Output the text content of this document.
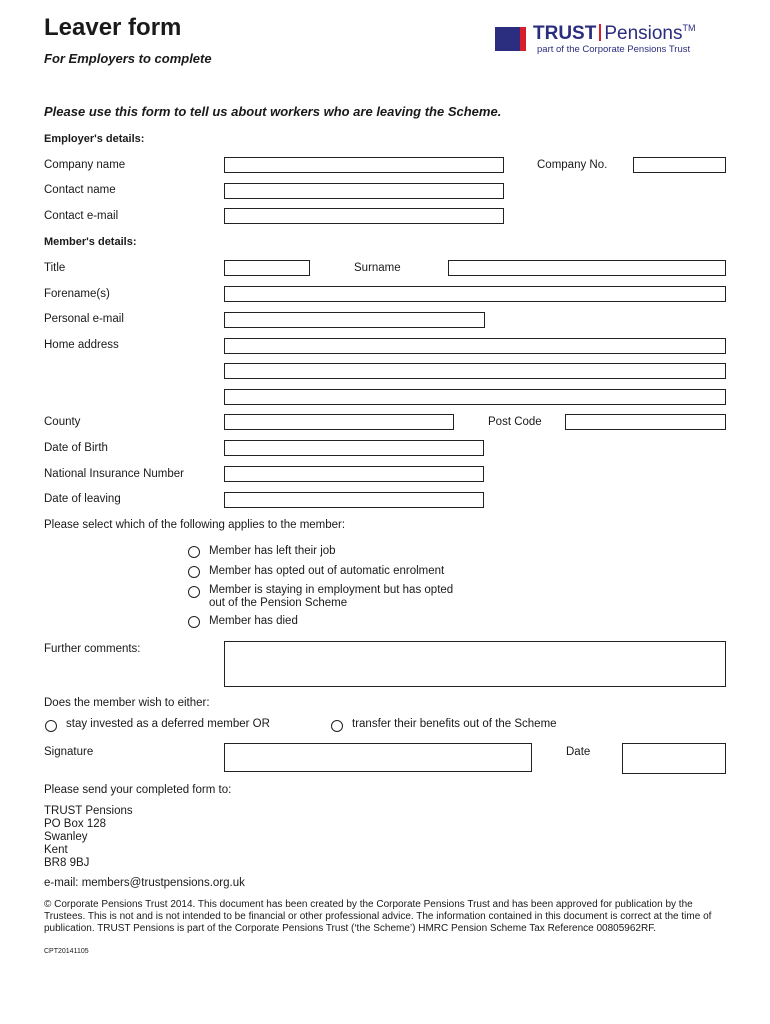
Leaver form
For Employers to complete
TRUST Pensions™
part of the Corporate Pensions Trust
Please use this form to tell us about workers who are leaving the Scheme.
Employer's details:
Company name	Company No.
Contact name
Contact e-mail
Member's details:
Title	Surname
Forename(s)
Personal e-mail
Home address
County	Post Code
Date of Birth
National Insurance Number
Date of leaving
Please select which of the following applies to the member:
Member has left their job
Member has opted out of automatic enrolment
Member is staying in employment but has opted
out of the Pension Scheme
Member has died
Further comments:
Does the member wish to either:
stay invested as a deferred member OR	transfer their benefits out of the Scheme
Signature	Date
Please send your completed form to:
TRUST Pensions
PO Box 128
Swanley
Kent
BR8 9BJ
e-mail: members@trustpensions.org.uk
© Corporate Pensions Trust 2014. This document has been created by the Corporate Pensions Trust and has been approved for publication by the Trustees. This is not and is not intended to be financial or other professional advice. The information contained in this document is correct at the time of publication. TRUST Pensions is part of the Corporate Pensions Trust (‘the Scheme’) HMRC Pension Scheme Tax Reference 00805962RF.
CPT20141105
